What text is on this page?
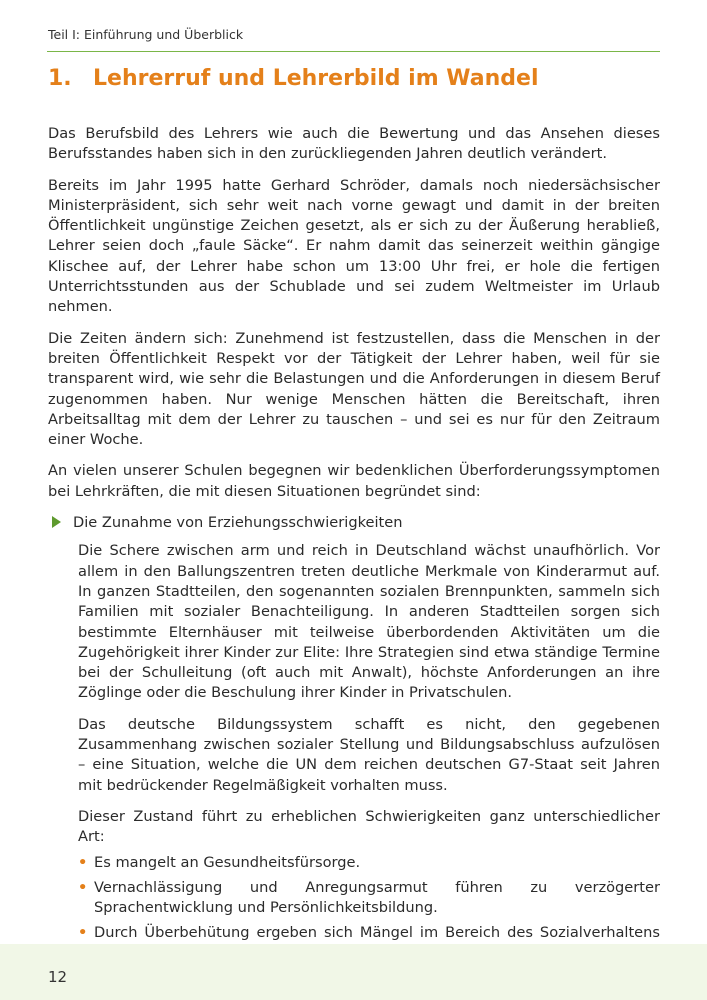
Teil I: Einführung und Überblick
1. Lehrerruf und Lehrerbild im Wandel

Das Berufsbild des Lehrers wie auch die Bewertung und das Ansehen dieses Berufsstandes haben sich in den zurückliegenden Jahren deutlich verändert.

Bereits im Jahr 1995 hatte Gerhard Schröder, damals noch niedersächsischer Ministerpräsident, sich sehr weit nach vorne gewagt und damit in der breiten Öffentlichkeit ungünstige Zeichen gesetzt, als er sich zu der Äußerung herabließ, Lehrer seien doch „faule Säcke“. Er nahm damit das seinerzeit weithin gängige Klischee auf, der Lehrer habe schon um 13:00 Uhr frei, er hole die fertigen Unterrichtsstunden aus der Schublade und sei zudem Weltmeister im Urlaub nehmen.

Die Zeiten ändern sich: Zunehmend ist festzustellen, dass die Menschen in der breiten Öffentlichkeit Respekt vor der Tätigkeit der Lehrer haben, weil für sie transparent wird, wie sehr die Belastungen und die Anforderungen in diesem Beruf zugenommen haben. Nur wenige Menschen hätten die Bereitschaft, ihren Arbeitsalltag mit dem der Lehrer zu tauschen – und sei es nur für den Zeitraum einer Woche.

An vielen unserer Schulen begegnen wir bedenklichen Überforderungssymptomen bei Lehrkräften, die mit diesen Situationen begründet sind:

Die Zunahme von Erziehungsschwierigkeiten

Die Schere zwischen arm und reich in Deutschland wächst unaufhörlich. Vor allem in den Ballungszentren treten deutliche Merkmale von Kinderarmut auf. In ganzen Stadtteilen, den sogenannten sozialen Brennpunkten, sammeln sich Familien mit sozialer Benachteiligung. In anderen Stadtteilen sorgen sich bestimmte Elternhäuser mit teilweise überbordenden Aktivitäten um die Zugehörigkeit ihrer Kinder zur Elite: Ihre Strategien sind etwa ständige Termine bei der Schulleitung (oft auch mit Anwalt), höchste Anforderungen an ihre Zöglinge oder die Beschulung ihrer Kinder in Privatschulen.

Das deutsche Bildungssystem schafft es nicht, den gegebenen Zusammenhang zwischen sozialer Stellung und Bildungsabschluss aufzulösen – eine Situation, welche die UN dem reichen deutschen G7-Staat seit Jahren mit bedrückender Regelmäßigkeit vorhalten muss.

Dieser Zustand führt zu erheblichen Schwierigkeiten ganz unterschiedlicher Art:

• Es mangelt an Gesundheitsfürsorge.
• Vernachlässigung und Anregungsarmut führen zu verzögerter Sprachentwicklung und Persönlichkeitsbildung.
• Durch Überbehütung ergeben sich Mängel im Bereich des Sozialverhaltens
12
